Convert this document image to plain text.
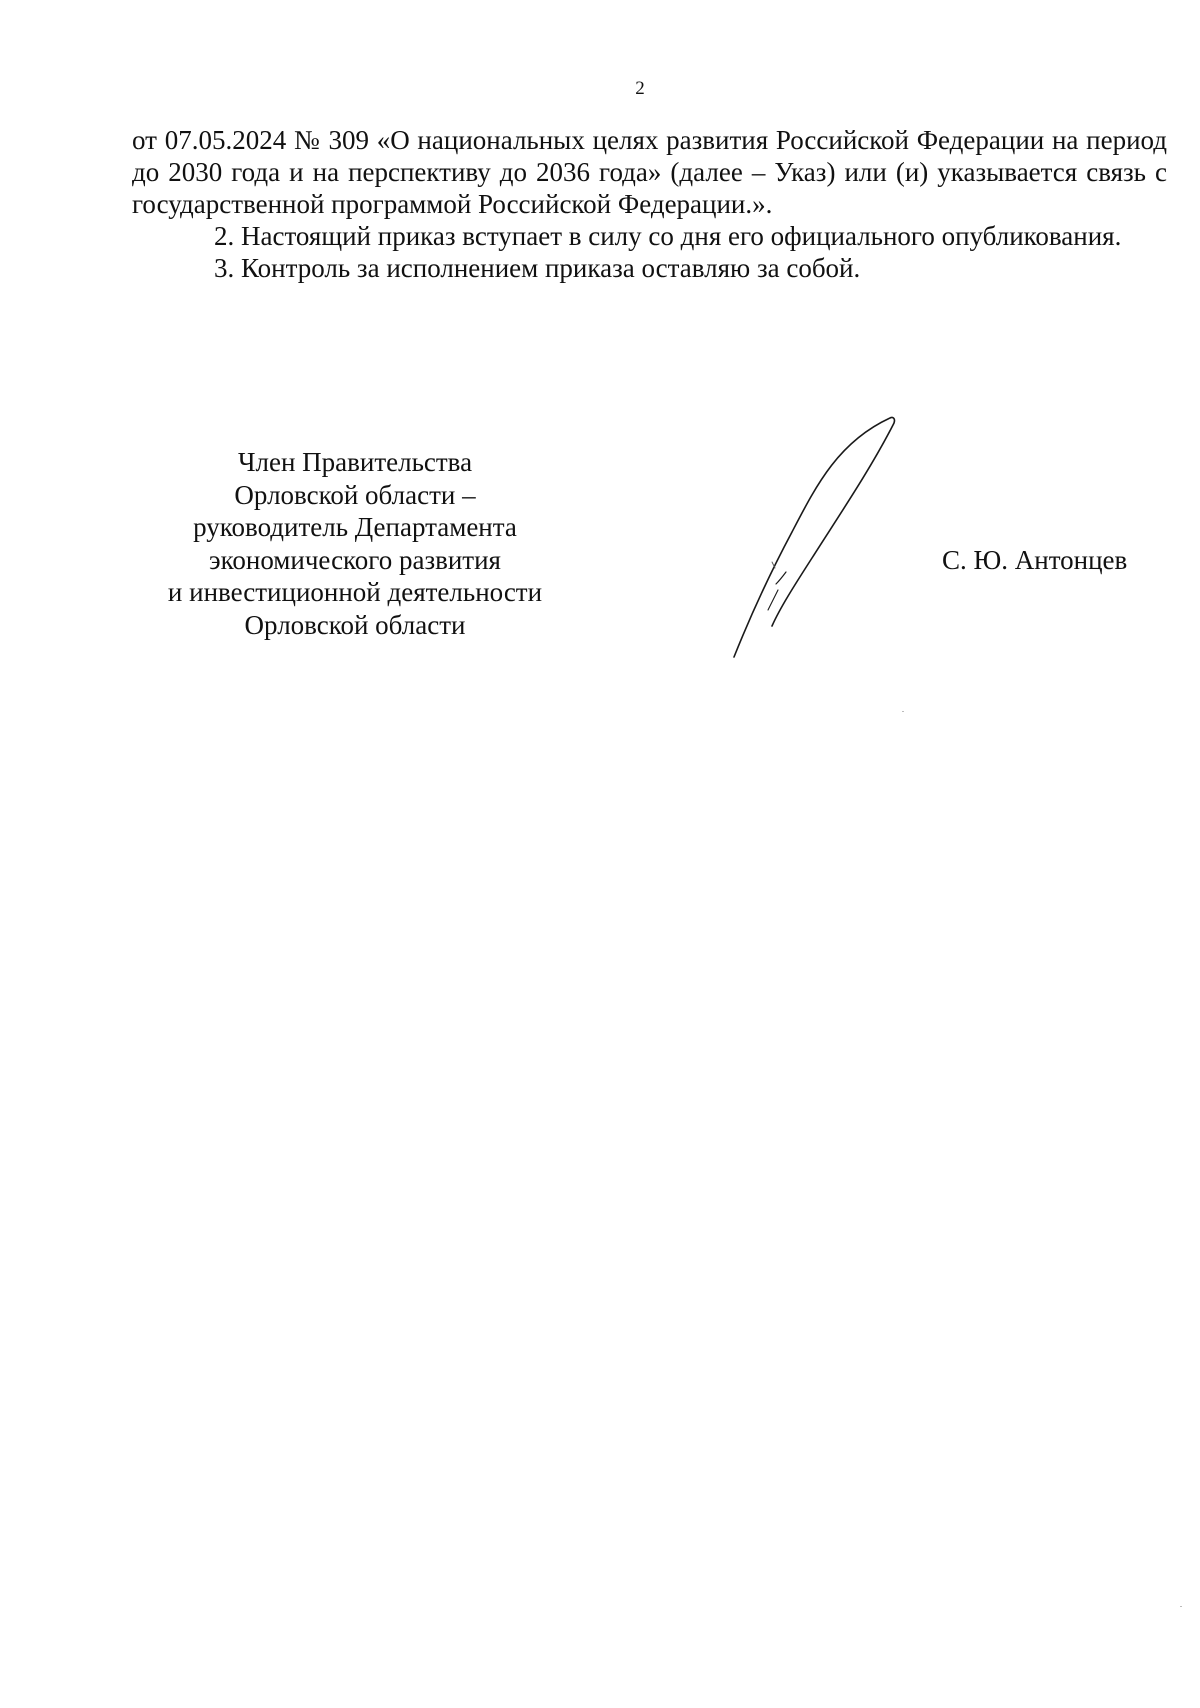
2

от 07.05.2024 № 309 «О национальных целях развития Российской Федерации на период до 2030 года и на перспективу до 2036 года» (далее – Указ) или (и) указывается связь с государственной программой Российской Федерации.».

2. Настоящий приказ вступает в силу со дня его официального опубликования.

3. Контроль за исполнением приказа оставляю за собой.

Член Правительства
Орловской области –
руководитель Департамента
экономического развития
и инвестиционной деятельности
Орловской области
С. Ю. Антонцев
